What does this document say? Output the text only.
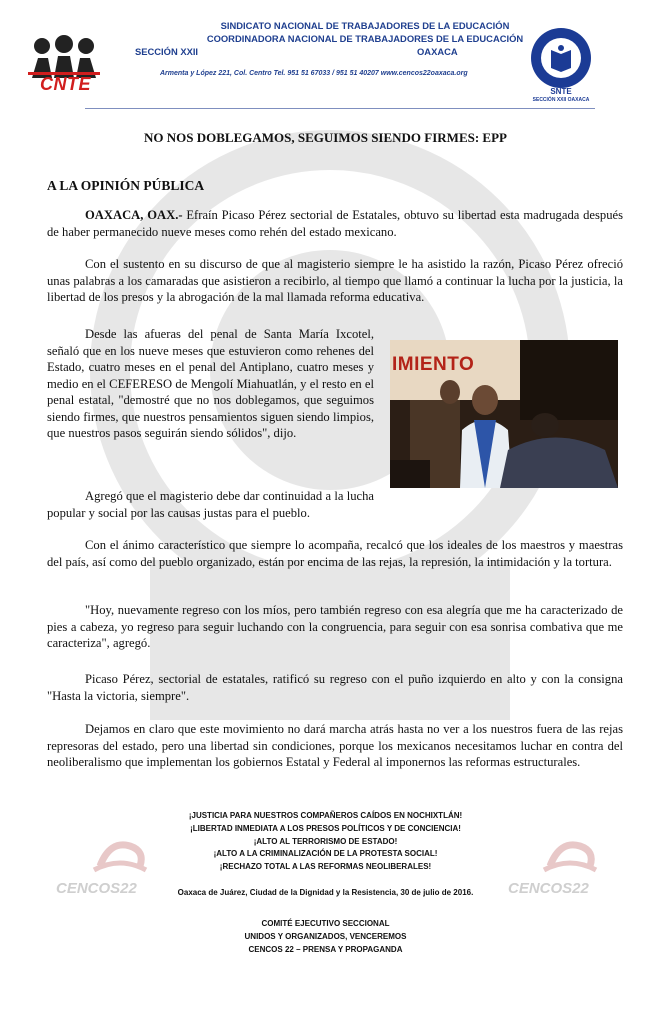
CNTE
SINDICATO NACIONAL DE TRABAJADORES DE LA EDUCACIÓN
COORDINADORA NACIONAL DE TRABAJADORES DE LA EDUCACIÓN
SECCIÓN XXII	OAXACA
Armenta y López 221, Col. Centro Tel. 951 51 67033 / 951 51 40207 www.cencos22oaxaca.org
SNTE
SECCIÓN XXII OAXACA
NO NOS DOBLEGAMOS, SEGUIMOS SIENDO FIRMES: EPP
A LA OPINIÓN PÚBLICA
OAXACA, OAX.- Efraín Picaso Pérez sectorial de Estatales, obtuvo su libertad esta madrugada después de haber permanecido nueve meses como rehén del estado mexicano.
Con el sustento en su discurso de que al magisterio siempre le ha asistido la razón, Picaso Pérez ofreció unas palabras a los camaradas que asistieron a recibirlo, al tiempo que llamó a continuar la lucha por la justicia, la libertad de los presos y la abrogación de la mal llamada reforma educativa.
Desde las afueras del penal de Santa María Ixcotel, señaló que en los nueve meses que estuvieron como rehenes del Estado, cuatro meses en el penal del Antiplano, cuatro meses y medio en el CEFERESO de Mengolí Miahuatlán, y el resto en el penal estatal, "demostré que no nos doblegamos, que seguimos siendo firmes, que nuestros pensamientos siguen siendo limpios, que nuestros pasos seguirán siendo sólidos", dijo.
IMIENTO
Agregó que el magisterio debe dar continuidad a la lucha popular y social por las causas justas para el pueblo.
Con el ánimo característico que siempre lo acompaña, recalcó que los ideales de los maestros y maestras del país, así como del pueblo organizado, están por encima de las rejas, la represión, la intimidación y la tortura.
"Hoy, nuevamente regreso con los míos, pero también regreso con esa alegría que me ha caracterizado de pies a cabeza, yo regreso para seguir luchando con la congruencia, para seguir con esa sonrisa combativa que me caracteriza", agregó.
Picaso Pérez, sectorial de estatales, ratificó su regreso con el puño izquierdo en alto y con la consigna "Hasta la victoria, siempre".
Dejamos en claro que este movimiento no dará marcha atrás hasta no ver a los nuestros fuera de las rejas represoras del estado, pero una libertad sin condiciones, porque los mexicanos necesitamos luchar en contra del neoliberalismo que implementan los gobiernos Estatal y Federal al imponernos las reformas estructurales.
CENCOS22	CENCOS22
¡JUSTICIA PARA NUESTROS COMPAÑEROS CAÍDOS EN NOCHIXTLÁN!
¡LIBERTAD INMEDIATA A LOS PRESOS POLÍTICOS Y DE CONCIENCIA!
¡ALTO AL TERRORISMO DE ESTADO!
¡ALTO A LA CRIMINALIZACIÓN DE LA PROTESTA SOCIAL!
¡RECHAZO TOTAL A LAS REFORMAS NEOLIBERALES!
Oaxaca de Juárez, Ciudad de la Dignidad y la Resistencia, 30 de julio de 2016.
COMITÉ EJECUTIVO SECCIONAL
UNIDOS Y ORGANIZADOS, VENCEREMOS
CENCOS 22 – PRENSA Y PROPAGANDA
